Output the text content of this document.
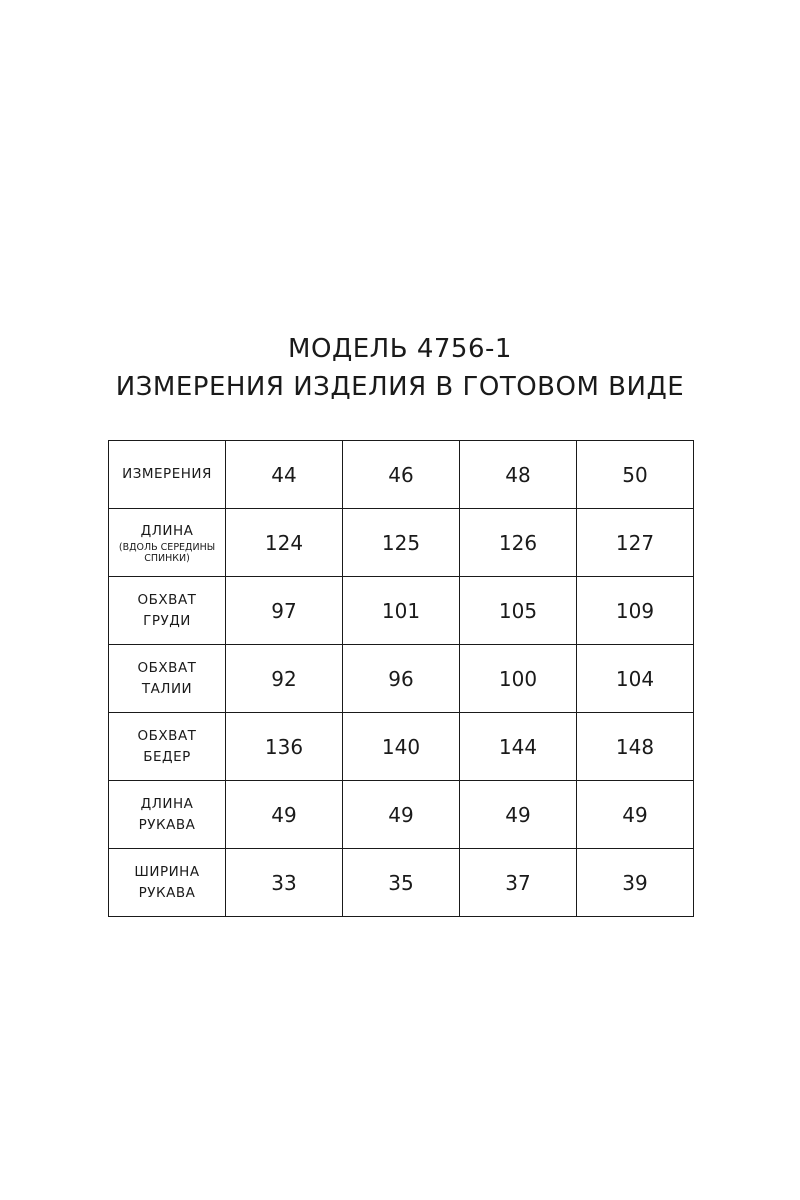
МОДЕЛЬ 4756-1

ИЗМЕРЕНИЯ ИЗДЕЛИЯ В ГОТОВОМ ВИДЕ

ИЗМЕРЕНИЯ	44	46	48	50
ДЛИНА
(ВДОЛЬ СЕРЕДИНЫ СПИНКИ)	124	125	126	127
ОБХВАТ
ГРУДИ	97	101	105	109
ОБХВАТ
ТАЛИИ	92	96	100	104
ОБХВАТ
БЕДЕР	136	140	144	148
ДЛИНА
РУКАВА	49	49	49	49
ШИРИНА
РУКАВА	33	35	37	39
